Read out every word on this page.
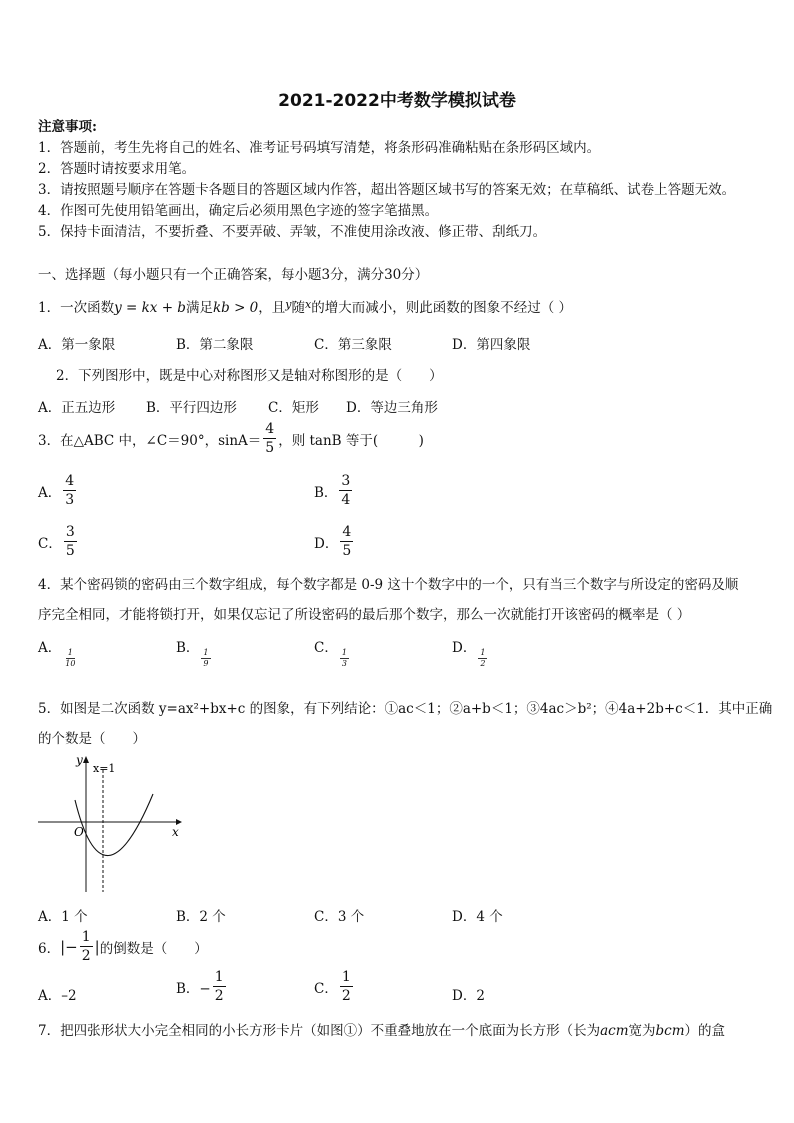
2021-2022中考数学模拟试卷
注意事项:
1．答题前，考生先将自己的姓名、准考证号码填写清楚，将条形码准确粘贴在条形码区域内。
2．答题时请按要求用笔。
3．请按照题号顺序在答题卡各题目的答题区域内作答，超出答题区域书写的答案无效；在草稿纸、试卷上答题无效。
4．作图可先使用铅笔画出，确定后必须用黑色字迹的签字笔描黑。
5．保持卡面清洁，不要折叠、不要弄破、弄皱，不准使用涂改液、修正带、刮纸刀。
一、选择题（每小题只有一个正确答案，每小题3分，满分30分）
1．一次函数y = kx + b满足kb > 0，且$^y$随$^x$的增大而减小，则此函数的图象不经过（ ）
A．第一象限	B．第二象限	C．第三象限	D．第四象限
2．下列图形中，既是中心对称图形又是轴对称图形的是（　　）
A．正五边形 B．平行四边形 C．矩形 D．等边三角形
3．在△ABC 中，∠C＝90°，$\sin A= \frac{4}{5}$ ，则 tanB 等于(　　　)
A． $\frac{4}{3}$	B． $\frac{3}{4}$
C． $\frac{3}{5}$	D． $\frac{4}{5}$
4．某个密码锁的密码由三个数字组成，每个数字都是 0-9 这十个数字中的一个，只有当三个数字与所设定的密码及顺
序完全相同，才能将锁打开，如果仅忘记了所设密码的最后那个数字，那么一次就能打开该密码的概率是（ ）
A．
$\frac{1}{10}$
B．
$\frac{1}{9}$
C．
$\frac{1}{3}$
D．
$\frac{1}{2}$
5．如图是二次函数 y=ax²+bx+c 的图象，有下列结论：①ac＜1；②a+b＜1；③4ac＞b²；④4a+2b+c＜1．其中正确
的个数是（　　）
y
x
O
x=1
A．1 个	B．2 个	C．3 个	D．4 个
6． |− $\frac{1}{2}$ | 的倒数是（　　）
A．–2	B．− $\frac{1}{2}$	C． $\frac{1}{2}$	D．2
7．把四张形状大小完全相同的小长方形卡片（如图①）不重叠地放在一个底面为长方形（长为acm宽为bcm）的盒
